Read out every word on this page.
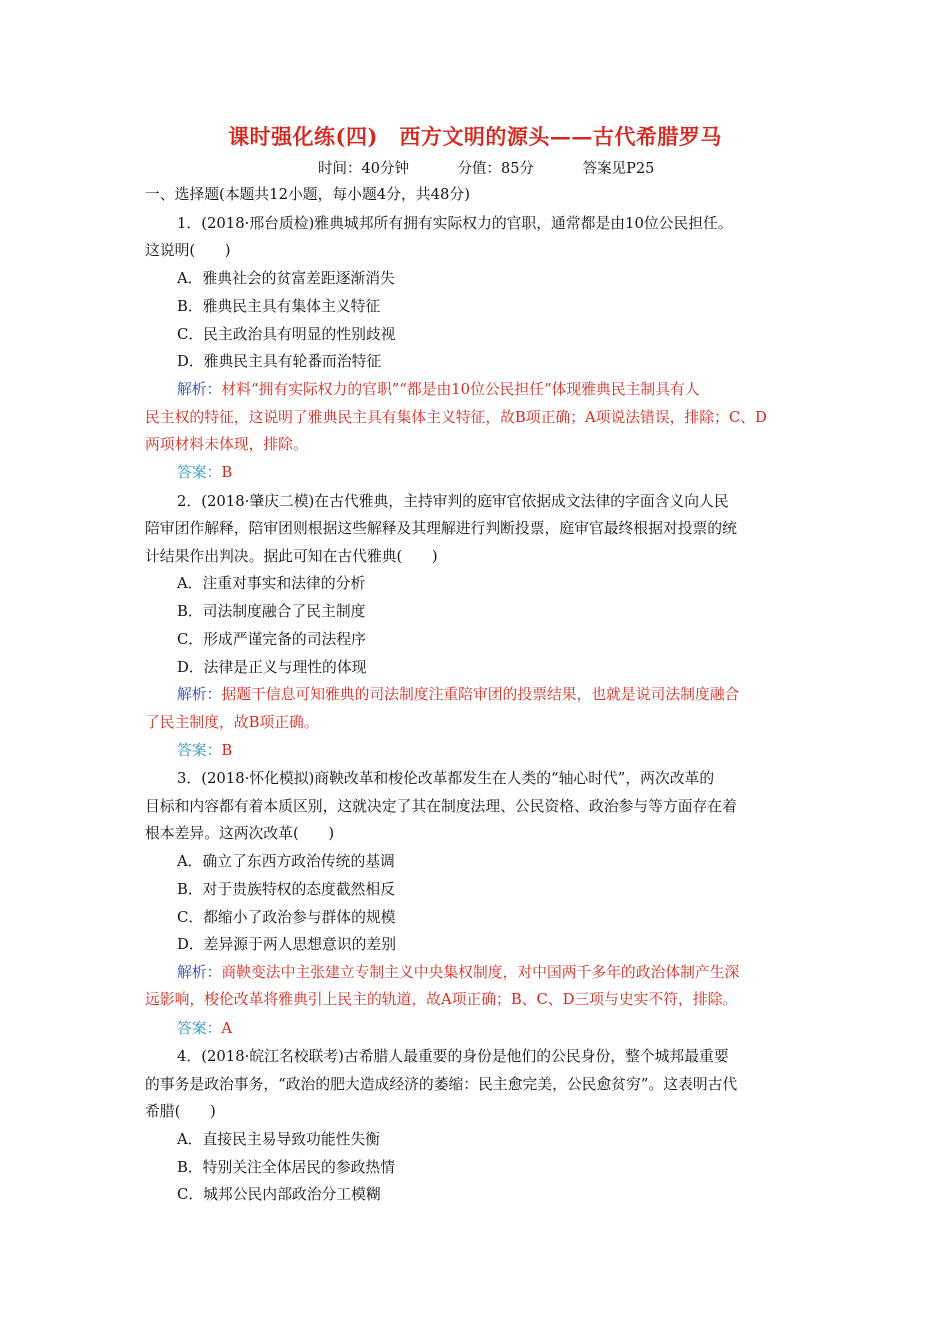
课时强化练(四)　西方文明的源头——古代希腊罗马
时间：40分钟	分值：85分	答案见P25
一、选择题(本题共12小题，每小题4分，共48分)
1．(2018·邢台质检)雅典城邦所有拥有实际权力的官职，通常都是由10位公民担任。
这说明(　　)
A．雅典社会的贫富差距逐渐消失
B．雅典民主具有集体主义特征
C．民主政治具有明显的性别歧视
D．雅典民主具有轮番而治特征
解析：材料“拥有实际权力的官职”“都是由10位公民担任”体现雅典民主制具有人
民主权的特征，这说明了雅典民主具有集体主义特征，故B项正确；A项说法错误，排除；C、D
两项材料未体现，排除。
答案：B
2．(2018·肇庆二模)在古代雅典，主持审判的庭审官依据成文法律的字面含义向人民
陪审团作解释，陪审团则根据这些解释及其理解进行判断投票，庭审官最终根据对投票的统
计结果作出判决。据此可知在古代雅典(　　)
A．注重对事实和法律的分析
B．司法制度融合了民主制度
C．形成严谨完备的司法程序
D．法律是正义与理性的体现
解析：据题干信息可知雅典的司法制度注重陪审团的投票结果，也就是说司法制度融合
了民主制度，故B项正确。
答案：B
3．(2018·怀化模拟)商鞅改革和梭伦改革都发生在人类的“轴心时代”，两次改革的
目标和内容都有着本质区别，这就决定了其在制度法理、公民资格、政治参与等方面存在着
根本差异。这两次改革(　　)
A．确立了东西方政治传统的基调
B．对于贵族特权的态度截然相反
C．都缩小了政治参与群体的规模
D．差异源于两人思想意识的差别
解析：商鞅变法中主张建立专制主义中央集权制度，对中国两千多年的政治体制产生深
远影响，梭伦改革将雅典引上民主的轨道，故A项正确；B、C、D三项与史实不符，排除。
答案：A
4．(2018·皖江名校联考)古希腊人最重要的身份是他们的公民身份，整个城邦最重要
的事务是政治事务，“政治的肥大造成经济的萎缩：民主愈完美，公民愈贫穷”。这表明古代
希腊(　　)
A．直接民主易导致功能性失衡
B．特别关注全体居民的参政热情
C．城邦公民内部政治分工模糊
